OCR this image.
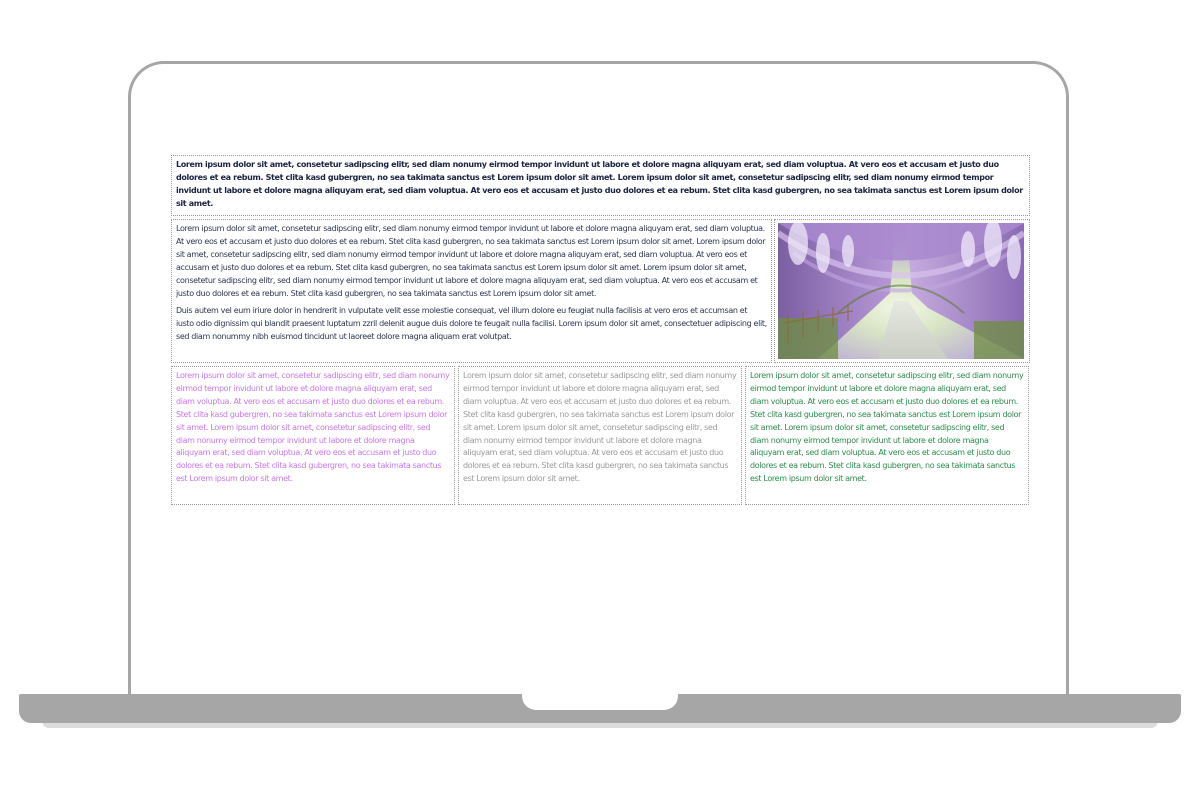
Lorem ipsum dolor sit amet, consetetur sadipscing elitr, sed diam nonumy eirmod tempor invidunt ut labore et dolore magna aliquyam erat, sed diam voluptua. At vero eos et accusam et justo duo dolores et ea rebum. Stet clita kasd gubergren, no sea takimata sanctus est Lorem ipsum dolor sit amet. Lorem ipsum dolor sit amet, consetetur sadipscing elitr, sed diam nonumy eirmod tempor invidunt ut labore et dolore magna aliquyam erat, sed diam voluptua. At vero eos et accusam et justo duo dolores et ea rebum. Stet clita kasd gubergren, no sea takimata sanctus est Lorem ipsum dolor sit amet.

Lorem ipsum dolor sit amet, consetetur sadipscing elitr, sed diam nonumy eirmod tempor invidunt ut labore et dolore magna aliquyam erat, sed diam voluptua. At vero eos et accusam et justo duo dolores et ea rebum. Stet clita kasd gubergren, no sea takimata sanctus est Lorem ipsum dolor sit amet. Lorem ipsum dolor sit amet, consetetur sadipscing elitr, sed diam nonumy eirmod tempor invidunt ut labore et dolore magna aliquyam erat, sed diam voluptua. At vero eos et accusam et justo duo dolores et ea rebum. Stet clita kasd gubergren, no sea takimata sanctus est Lorem ipsum dolor sit amet. Lorem ipsum dolor sit amet, consetetur sadipscing elitr, sed diam nonumy eirmod tempor invidunt ut labore et dolore magna aliquyam erat, sed diam voluptua. At vero eos et accusam et justo duo dolores et ea rebum. Stet clita kasd gubergren, no sea takimata sanctus est Lorem ipsum dolor sit amet.

Duis autem vel eum iriure dolor in hendrerit in vulputate velit esse molestie consequat, vel illum dolore eu feugiat nulla facilisis at vero eros et accumsan et iusto odio dignissim qui blandit praesent luptatum zzril delenit augue duis dolore te feugait nulla facilisi. Lorem ipsum dolor sit amet, consectetuer adipiscing elit, sed diam nonummy nibh euismod tincidunt ut laoreet dolore magna aliquam erat volutpat.

Lorem ipsum dolor sit amet, consetetur sadipscing elitr, sed diam nonumy eirmod tempor invidunt ut labore et dolore magna aliquyam erat, sed diam voluptua. At vero eos et accusam et justo duo dolores et ea rebum. Stet clita kasd gubergren, no sea takimata sanctus est Lorem ipsum dolor sit amet. Lorem ipsum dolor sit amet, consetetur sadipscing elitr, sed diam nonumy eirmod tempor invidunt ut labore et dolore magna aliquyam erat, sed diam voluptua. At vero eos et accusam et justo duo dolores et ea rebum. Stet clita kasd gubergren, no sea takimata sanctus est Lorem ipsum dolor sit amet.
Lorem ipsum dolor sit amet, consetetur sadipscing elitr, sed diam nonumy eirmod tempor invidunt ut labore et dolore magna aliquyam erat, sed diam voluptua. At vero eos et accusam et justo duo dolores et ea rebum. Stet clita kasd gubergren, no sea takimata sanctus est Lorem ipsum dolor sit amet. Lorem ipsum dolor sit amet, consetetur sadipscing elitr, sed diam nonumy eirmod tempor invidunt ut labore et dolore magna aliquyam erat, sed diam voluptua. At vero eos et accusam et justo duo dolores et ea rebum. Stet clita kasd gubergren, no sea takimata sanctus est Lorem ipsum dolor sit amet.
Lorem ipsum dolor sit amet, consetetur sadipscing elitr, sed diam nonumy eirmod tempor invidunt ut labore et dolore magna aliquyam erat, sed diam voluptua. At vero eos et accusam et justo duo dolores et ea rebum. Stet clita kasd gubergren, no sea takimata sanctus est Lorem ipsum dolor sit amet. Lorem ipsum dolor sit amet, consetetur sadipscing elitr, sed diam nonumy eirmod tempor invidunt ut labore et dolore magna aliquyam erat, sed diam voluptua. At vero eos et accusam et justo duo dolores et ea rebum. Stet clita kasd gubergren, no sea takimata sanctus est Lorem ipsum dolor sit amet.
